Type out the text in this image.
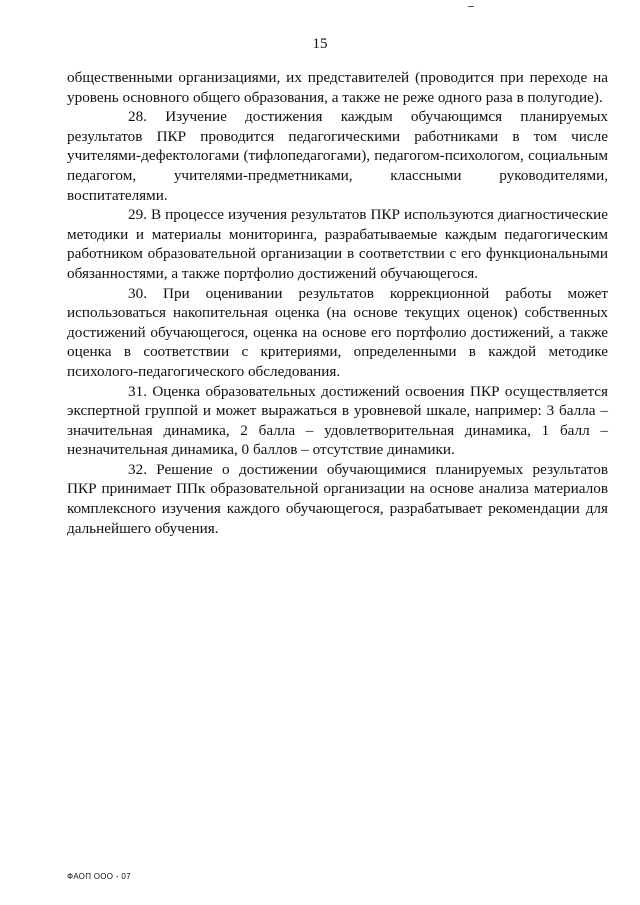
15

общественными организациями, их представителей (проводится при переходе на уровень основного общего образования, а также не реже одного раза в полугодие).

28. Изучение достижения каждым обучающимся планируемых результатов ПКР проводится педагогическими работниками в том числе учителями-дефектологами (тифлопедагогами), педагогом-психологом, социальным педагогом, учителями-предметниками, классными руководителями, воспитателями.

29. В процессе изучения результатов ПКР используются диагностические методики и материалы мониторинга, разрабатываемые каждым педагогическим работником образовательной организации в соответствии с его функциональными обязанностями, а также портфолио достижений обучающегося.

30. При оценивании результатов коррекционной работы может использоваться накопительная оценка (на основе текущих оценок) собственных достижений обучающегося, оценка на основе его портфолио достижений, а также оценка в соответствии с критериями, определенными в каждой методике психолого-педагогического обследования.

31. Оценка образовательных достижений освоения ПКР осуществляется экспертной группой и может выражаться в уровневой шкале, например: 3 балла – значительная динамика, 2 балла – удовлетворительная динамика, 1 балл – незначительная динамика, 0 баллов – отсутствие динамики.

32. Решение о достижении обучающимися планируемых результатов ПКР принимает ППк образовательной организации на основе анализа материалов комплексного изучения каждого обучающегося, разрабатывает рекомендации для дальнейшего обучения.

ФАОП ООО - 07
